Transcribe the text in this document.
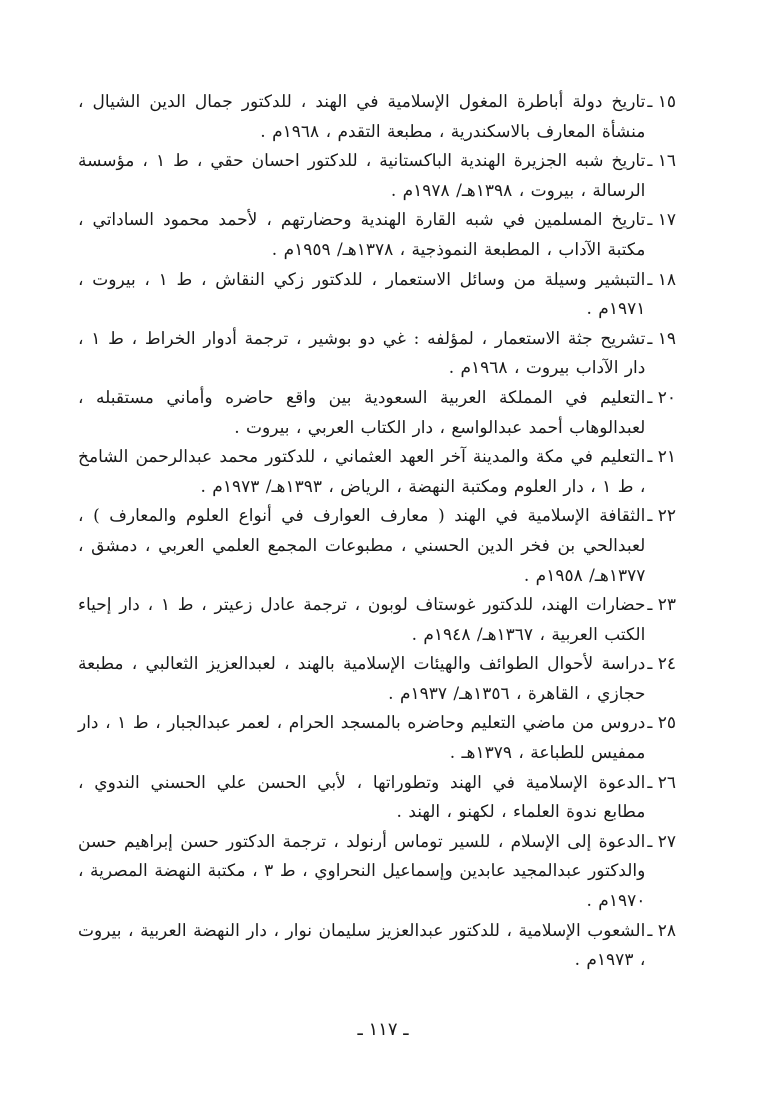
١٥ ـ
تاريخ دولة أباطرة المغول الإسلامية في الهند ، للدكتور جمال الدين الشيال ، منشأة المعارف بالاسكندرية ، مطبعة التقدم ، ١٩٦٨م .
١٦ ـ
تاريخ شبه الجزيرة الهندية الباكستانية ، للدكتور احسان حقي ، ط ١ ، مؤسسة الرسالة ، بيروت ، ١٣٩٨هـ/ ١٩٧٨م .
١٧ ـ
تاريخ المسلمين في شبه القارة الهندية وحضارتهم ، لأحمد محمود الساداتي ، مكتبة الآداب ، المطبعة النموذجية ، ١٣٧٨هـ/ ١٩٥٩م .
١٨ ـ
التبشير وسيلة من وسائل الاستعمار ، للدكتور زكي النقاش ، ط ١ ، بيروت ، ١٩٧١م .
١٩ ـ
تشريح جثة الاستعمار ، لمؤلفه : غي دو بوشير ، ترجمة أدوار الخراط ، ط ١ ، دار الآداب بيروت ، ١٩٦٨م .
٢٠ ـ
التعليم في المملكة العربية السعودية بين واقع حاضره وأماني مستقبله ، لعبدالوهاب أحمد عبدالواسع ، دار الكتاب العربي ، بيروت .
٢١ ـ
التعليم في مكة والمدينة آخر العهد العثماني ، للدكتور محمد عبدالرحمن الشامخ ، ط ١ ، دار العلوم ومكتبة النهضة ، الرياض ، ١٣٩٣هـ/ ١٩٧٣م .
٢٢ ـ
الثقافة الإسلامية في الهند ( معارف العوارف في أنواع العلوم والمعارف ) ، لعبدالحي بن فخر الدين الحسني ، مطبوعات المجمع العلمي العربي ، دمشق ، ١٣٧٧هـ/ ١٩٥٨م .
٢٣ ـ
حضارات الهند، للدكتور غوستاف لوبون ، ترجمة عادل زعيتر ، ط ١ ، دار إحياء الكتب العربية ، ١٣٦٧هـ/ ١٩٤٨م .
٢٤ ـ
دراسة لأحوال الطوائف والهيئات الإسلامية بالهند ، لعبدالعزيز الثعالبي ، مطبعة حجازي ، القاهرة ، ١٣٥٦هـ/ ١٩٣٧م .
٢٥ ـ
دروس من ماضي التعليم وحاضره بالمسجد الحرام ، لعمر عبدالجبار ، ط ١ ، دار ممفيس للطباعة ، ١٣٧٩هـ .
٢٦ ـ
الدعوة الإسلامية في الهند وتطوراتها ، لأبي الحسن علي الحسني الندوي ، مطابع ندوة العلماء ، لكهنو ، الهند .
٢٧ ـ
الدعوة إلى الإسلام ، للسير توماس أرنولد ، ترجمة الدكتور حسن إبراهيم حسن والدكتور عبدالمجيد عابدين وإسماعيل النحراوي ، ط ٣ ، مكتبة النهضة المصرية ، ١٩٧٠م .
٢٨ ـ
الشعوب الإسلامية ، للدكتور عبدالعزيز سليمان نوار ، دار النهضة العربية ، بيروت ، ١٩٧٣م .
ـ ١١٧ ـ
